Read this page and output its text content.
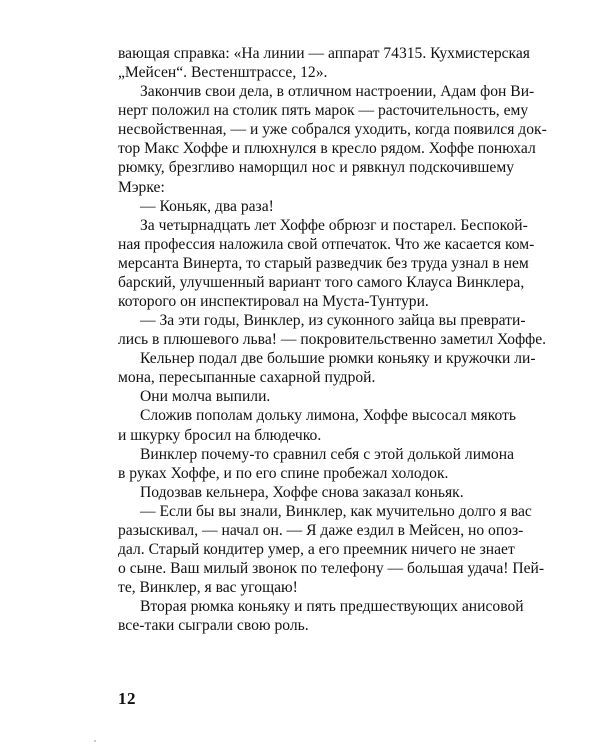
вающая справка: «На линии — аппарат 74315. Кухмистерская
„Мейсен“. Вестенштрассе, 12».
Закончив свои дела, в отличном настроении, Адам фон Ви-
нерт положил на столик пять марок — расточительность, ему
несвойственная, — и уже собрался уходить, когда появился док-
тор Макс Хоффе и плюхнулся в кресло рядом. Хоффе понюхал
рюмку, брезгливо наморщил нос и рявкнул подскочившему
Мэрке:
— Коньяк, два раза!
За четырнадцать лет Хоффе обрюзг и постарел. Беспокой-
ная профессия наложила свой отпечаток. Что же касается ком-
мерсанта Винерта, то старый разведчик без труда узнал в нем
барский, улучшенный вариант того самого Клауса Винклера,
которого он инспектировал на Муста-Тунтури.
— За эти годы, Винклер, из суконного зайца вы преврати-
лись в плюшевого льва! — покровительственно заметил Хоффе.
Кельнер подал две большие рюмки коньяку и кружочки ли-
мона, пересыпанные сахарной пудрой.
Они молча выпили.
Сложив пополам дольку лимона, Хоффе высосал мякоть
и шкурку бросил на блюдечко.
Винклер почему-то сравнил себя с этой долькой лимона
в руках Хоффе, и по его спине пробежал холодок.
Подозвав кельнера, Хоффе снова заказал коньяк.
— Если бы вы знали, Винклер, как мучительно долго я вас
разыскивал, — начал он. — Я даже ездил в Мейсен, но опоз-
дал. Старый кондитер умер, а его преемник ничего не знает
о сыне. Ваш милый звонок по телефону — большая удача! Пей-
те, Винклер, я вас угощаю!
Вторая рюмка коньяку и пять предшествующих анисовой
все-таки сыграли свою роль.
12
